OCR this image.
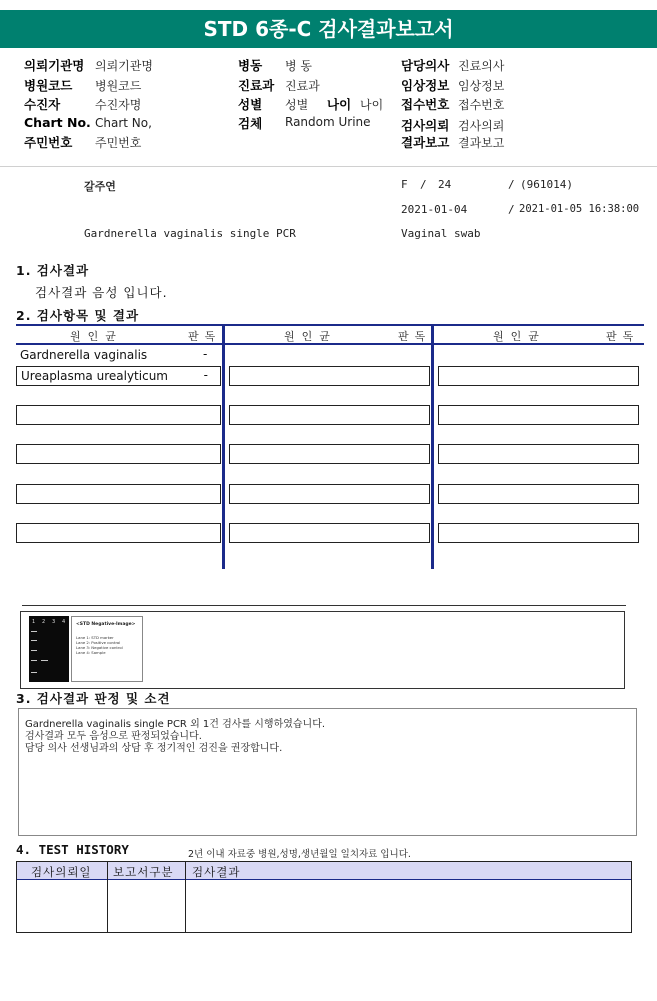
STD 6종-C 검사결과보고서
의뢰기관명 의뢰기관명
병원코드 병원코드
수진자	수진자명
Chart No. Chart No,
주민번호 주민번호
병동 병 동
진료과 진료과
성별 성별 나이 나이
검체 Random Urine
담당의사 진료의사
임상정보 임상정보
접수번호 접수번호
검사의뢰 검사의뢰
결과보고 결과보고
갈주연	F / 24	/ (961014)
2021-01-04	/ 2021-01-05 16:38:00
Gardnerella vaginalis single PCR	Vaginal swab
1. 검사결과
검사결과 음성 입니다.
2. 검사항목 및 결과
원인균	판독	원인균	판독	원인균	판독
Gardnerella vaginalis	-
Ureaplasma urealyticum	-
1 2 3 4 <STD Negative-Image>
Lane 1: STD marker
Lane 2: Positive control
Lane 3: Negative control
Lane 4: Sample
3. 검사결과 판정 및 소견
Gardnerella vaginalis single PCR 외 1건 검사를 시행하였습니다.
검사결과 모두 음성으로 판정되었습니다.
담당 의사 선생님과의 상담 후 정기적인 검진을 권장합니다.
4. TEST HISTORY	2년 이내 자료중 병원,성명,생년월일 일치자료 입니다.
검사의뢰일 보고서구분 검사결과
